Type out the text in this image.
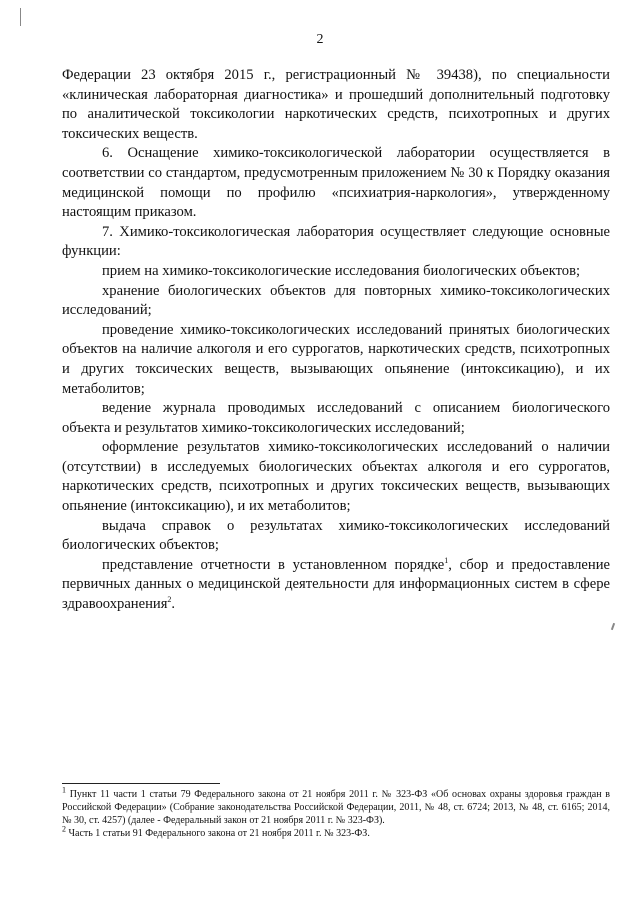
2

Федерации 23 октября 2015 г., регистрационный № 39438), по специальности «клиническая лабораторная диагностика» и прошедший дополнительный подготовку по аналитической токсикологии наркотических средств, психотропных и других токсических веществ.

6. Оснащение химико-токсикологической лаборатории осуществляется в соответствии со стандартом, предусмотренным приложением № 30 к Порядку оказания медицинской помощи по профилю «психиатрия-наркология», утвержденному настоящим приказом.

7. Химико-токсикологическая лаборатория осуществляет следующие основные функции:

прием на химико-токсикологические исследования биологических объектов;

хранение биологических объектов для повторных химико-токсикологических исследований;

проведение химико-токсикологических исследований принятых биологических объектов на наличие алкоголя и его суррогатов, наркотических средств, психотропных и других токсических веществ, вызывающих опьянение (интоксикацию), и их метаболитов;

ведение журнала проводимых исследований с описанием биологического объекта и результатов химико-токсикологических исследований;

оформление результатов химико-токсикологических исследований о наличии (отсутствии) в исследуемых биологических объектах алкоголя и его суррогатов, наркотических средств, психотропных и других токсических веществ, вызывающих опьянение (интоксикацию), и их метаболитов;

выдача справок о результатах химико-токсикологических исследований биологических объектов;

представление отчетности в установленном порядке$^1$, сбор и предоставление первичных данных о медицинской деятельности для информационных систем в сфере здравоохранения$^2$.

$^1$ Пункт 11 части 1 статьи 79 Федерального закона от 21 ноября 2011 г. № 323-ФЗ «Об основах охраны здоровья граждан в Российской Федерации» (Собрание законодательства Российской Федерации, 2011, № 48, ст. 6724; 2013, № 48, ст. 6165; 2014, № 30, ст. 4257) (далее - Федеральный закон от 21 ноября 2011 г. № 323-ФЗ).

$^2$ Часть 1 статьи 91 Федерального закона от 21 ноября 2011 г. № 323-ФЗ.
